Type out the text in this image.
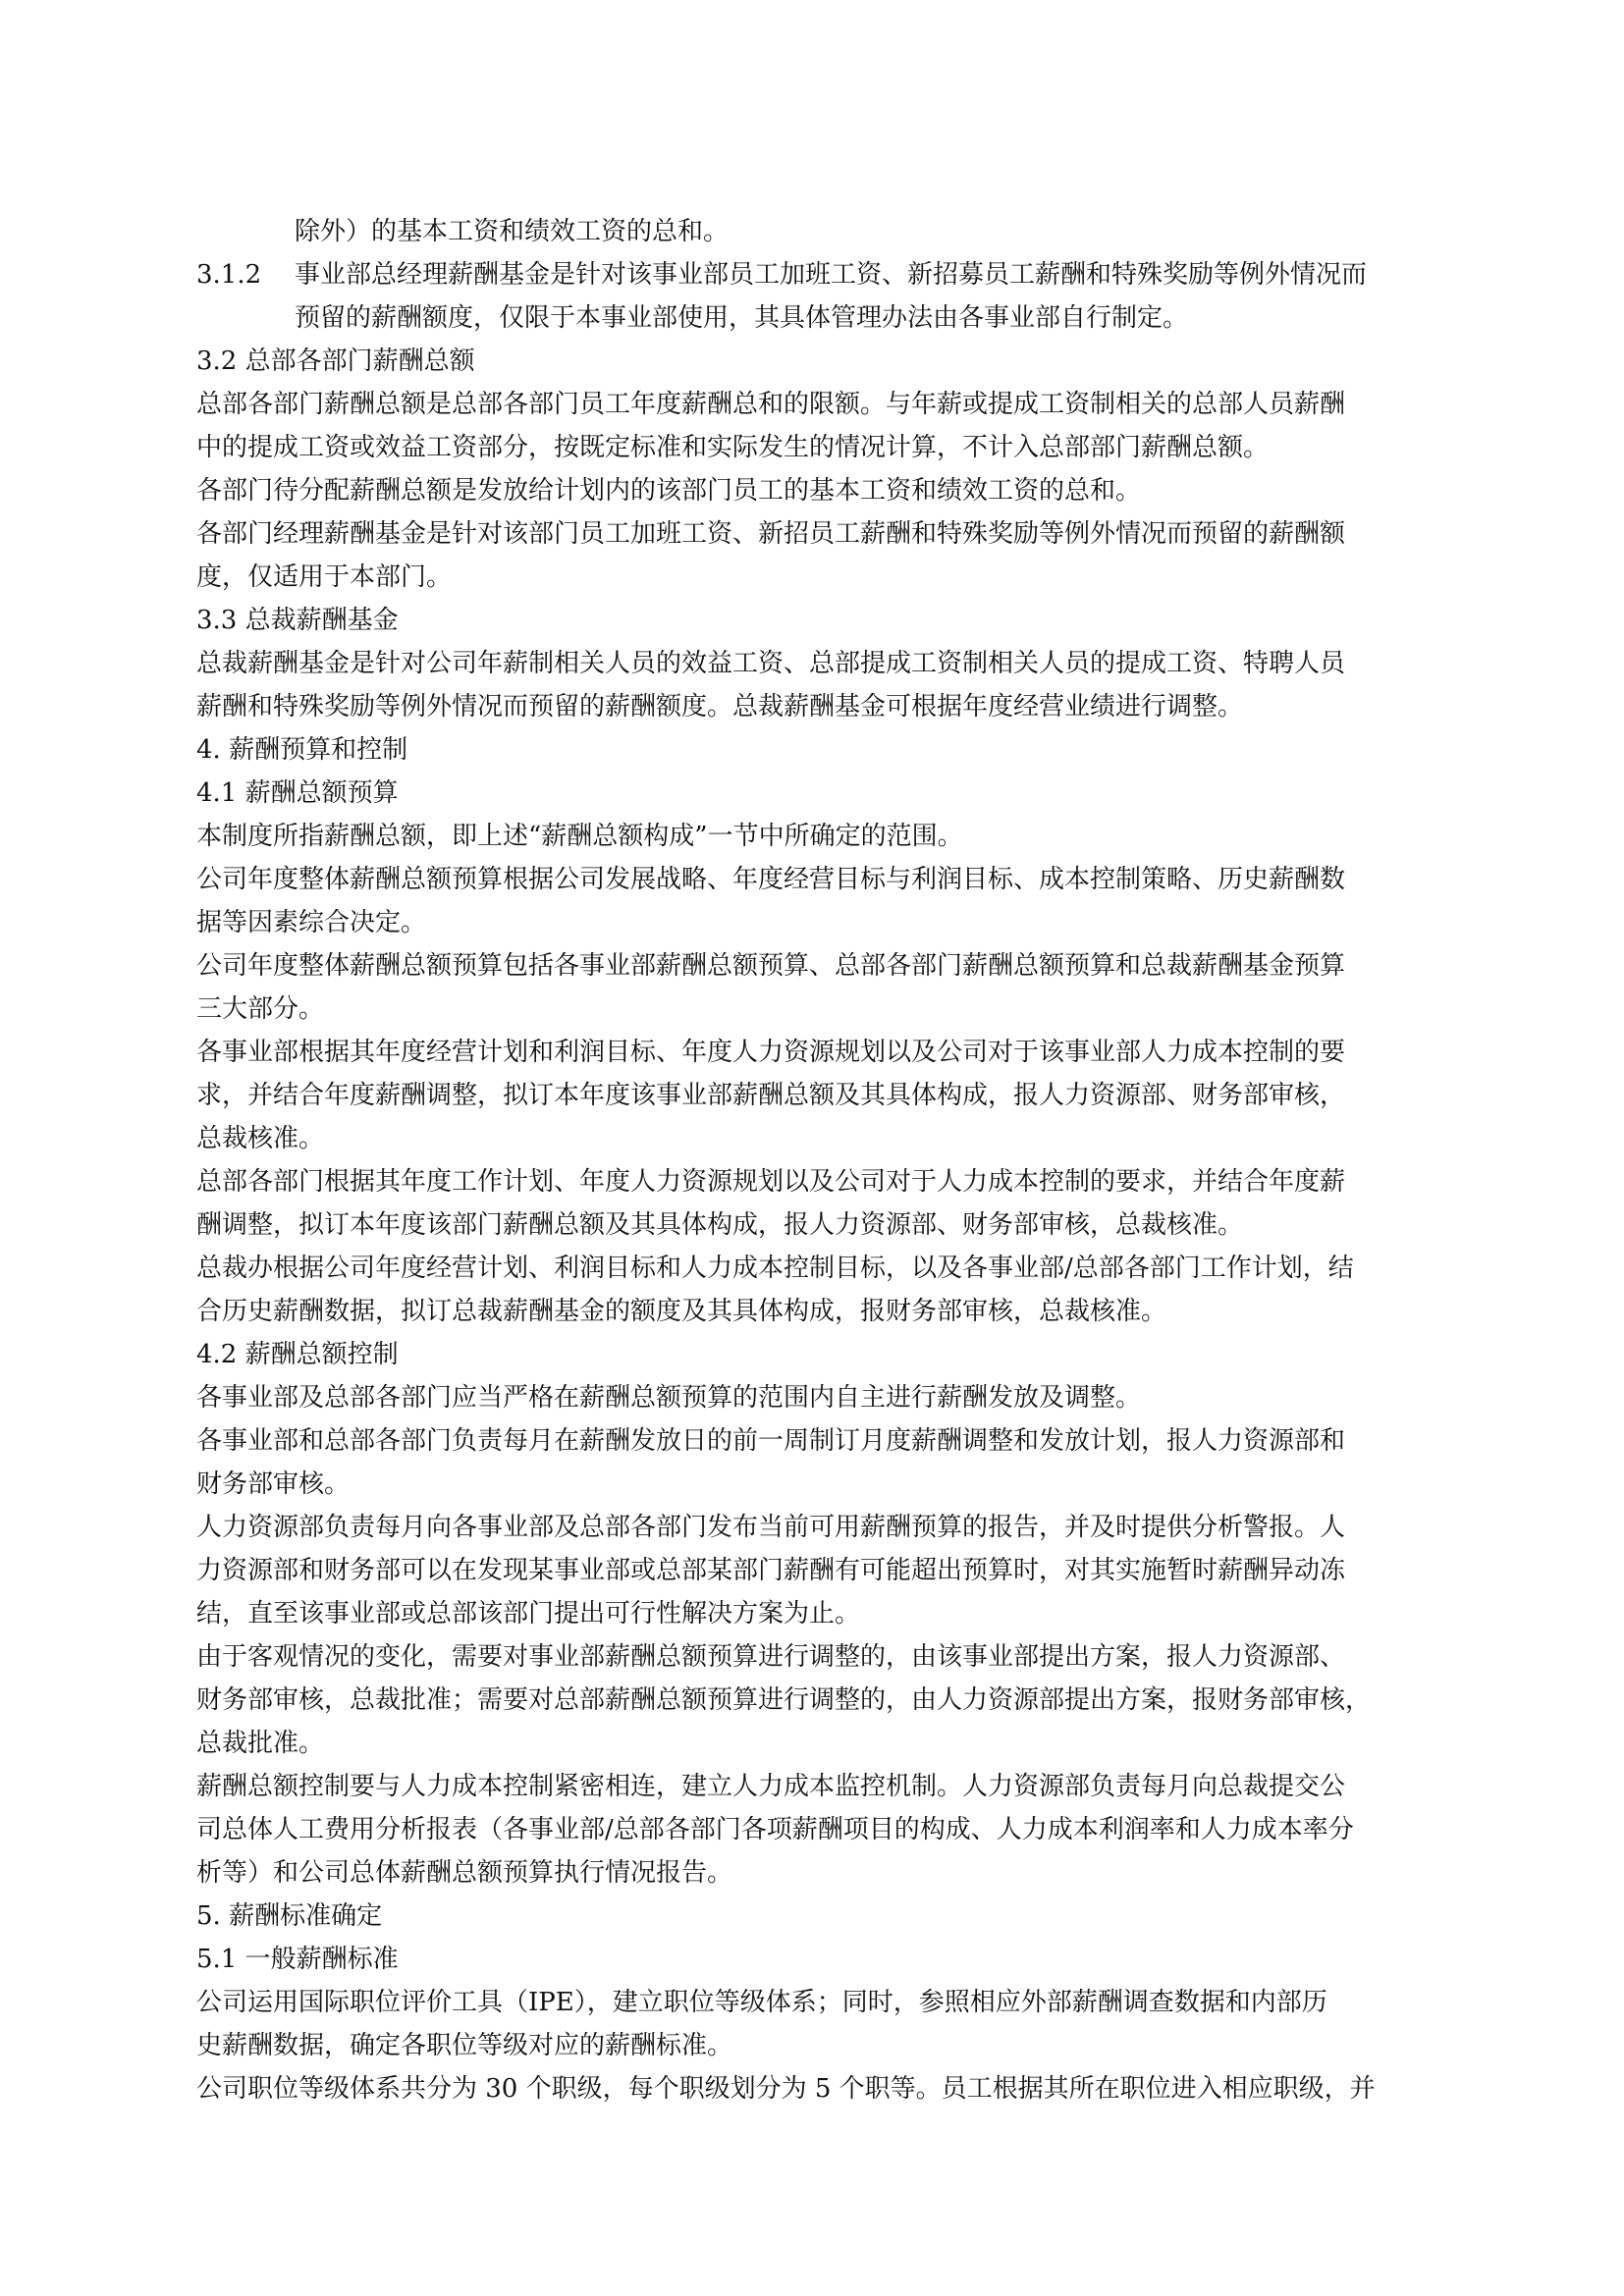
除外）的基本工资和绩效工资的总和。
3.1.2 事业部总经理薪酬基金是针对该事业部员工加班工资、新招募员工薪酬和特殊奖励等例外情况而
预留的薪酬额度，仅限于本事业部使用，其具体管理办法由各事业部自行制定。
3.2 总部各部门薪酬总额
总部各部门薪酬总额是总部各部门员工年度薪酬总和的限额。与年薪或提成工资制相关的总部人员薪酬
中的提成工资或效益工资部分，按既定标准和实际发生的情况计算，不计入总部部门薪酬总额。
各部门待分配薪酬总额是发放给计划内的该部门员工的基本工资和绩效工资的总和。
各部门经理薪酬基金是针对该部门员工加班工资、新招员工薪酬和特殊奖励等例外情况而预留的薪酬额
度，仅适用于本部门。
3.3 总裁薪酬基金
总裁薪酬基金是针对公司年薪制相关人员的效益工资、总部提成工资制相关人员的提成工资、特聘人员
薪酬和特殊奖励等例外情况而预留的薪酬额度。总裁薪酬基金可根据年度经营业绩进行调整。
4. 薪酬预算和控制
4.1 薪酬总额预算
本制度所指薪酬总额，即上述“薪酬总额构成”一节中所确定的范围。
公司年度整体薪酬总额预算根据公司发展战略、年度经营目标与利润目标、成本控制策略、历史薪酬数
据等因素综合决定。
公司年度整体薪酬总额预算包括各事业部薪酬总额预算、总部各部门薪酬总额预算和总裁薪酬基金预算
三大部分。
各事业部根据其年度经营计划和利润目标、年度人力资源规划以及公司对于该事业部人力成本控制的要
求，并结合年度薪酬调整，拟订本年度该事业部薪酬总额及其具体构成，报人力资源部、财务部审核，
总裁核准。
总部各部门根据其年度工作计划、年度人力资源规划以及公司对于人力成本控制的要求，并结合年度薪
酬调整，拟订本年度该部门薪酬总额及其具体构成，报人力资源部、财务部审核，总裁核准。
总裁办根据公司年度经营计划、利润目标和人力成本控制目标，以及各事业部/总部各部门工作计划，结
合历史薪酬数据，拟订总裁薪酬基金的额度及其具体构成，报财务部审核，总裁核准。
4.2 薪酬总额控制
各事业部及总部各部门应当严格在薪酬总额预算的范围内自主进行薪酬发放及调整。
各事业部和总部各部门负责每月在薪酬发放日的前一周制订月度薪酬调整和发放计划，报人力资源部和
财务部审核。
人力资源部负责每月向各事业部及总部各部门发布当前可用薪酬预算的报告，并及时提供分析警报。人
力资源部和财务部可以在发现某事业部或总部某部门薪酬有可能超出预算时，对其实施暂时薪酬异动冻
结，直至该事业部或总部该部门提出可行性解决方案为止。
由于客观情况的变化，需要对事业部薪酬总额预算进行调整的，由该事业部提出方案，报人力资源部、
财务部审核，总裁批准；需要对总部薪酬总额预算进行调整的，由人力资源部提出方案，报财务部审核，
总裁批准。
薪酬总额控制要与人力成本控制紧密相连，建立人力成本监控机制。人力资源部负责每月向总裁提交公
司总体人工费用分析报表（各事业部/总部各部门各项薪酬项目的构成、人力成本利润率和人力成本率分
析等）和公司总体薪酬总额预算执行情况报告。
5. 薪酬标准确定
5.1 一般薪酬标准
公司运用国际职位评价工具（IPE），建立职位等级体系；同时，参照相应外部薪酬调查数据和内部历
史薪酬数据，确定各职位等级对应的薪酬标准。
公司职位等级体系共分为 30 个职级，每个职级划分为 5 个职等。员工根据其所在职位进入相应职级，并
